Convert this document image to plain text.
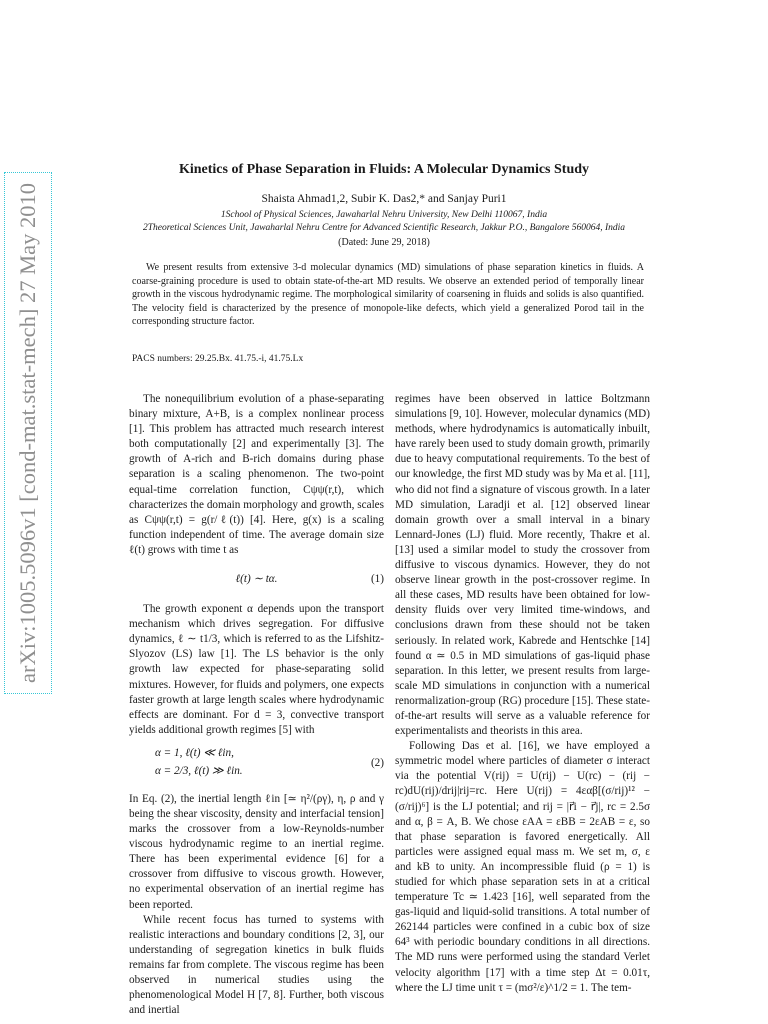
arXiv:1005.5096v1 [cond-mat.stat-mech] 27 May 2010
Kinetics of Phase Separation in Fluids: A Molecular Dynamics Study
Shaista Ahmad1,2, Subir K. Das2,* and Sanjay Puri1
1School of Physical Sciences, Jawaharlal Nehru University, New Delhi 110067, India
2Theoretical Sciences Unit, Jawaharlal Nehru Centre for Advanced Scientific Research, Jakkur P.O., Bangalore 560064, India
(Dated: June 29, 2018)

We present results from extensive 3-d molecular dynamics (MD) simulations of phase separation kinetics in fluids. A coarse-graining procedure is used to obtain state-of-the-art MD results. We observe an extended period of temporally linear growth in the viscous hydrodynamic regime. The morphological similarity of coarsening in fluids and solids is also quantified. The velocity field is characterized by the presence of monopole-like defects, which yield a generalized Porod tail in the corresponding structure factor.

PACS numbers: 29.25.Bx. 41.75.-i, 41.75.Lx

The nonequilibrium evolution of a phase-separating binary mixture, A+B, is a complex nonlinear process [1]. This problem has attracted much research interest both computationally [2] and experimentally [3]. The growth of A-rich and B-rich domains during phase separation is a scaling phenomenon. The two-point equal-time correlation function, Cψψ(r,t), which characterizes the domain morphology and growth, scales as Cψψ(r,t) = g(r/ℓ(t)) [4]. Here, g(x) is a scaling function independent of time. The average domain size ℓ(t) grows with time t as

ℓ(t) ∼ tα.	(1)

The growth exponent α depends upon the transport mechanism which drives segregation. For diffusive dynamics, ℓ ∼ t1/3, which is referred to as the Lifshitz-Slyozov (LS) law [1]. The LS behavior is the only growth law expected for phase-separating solid mixtures. However, for fluids and polymers, one expects faster growth at large length scales where hydrodynamic effects are dominant. For d = 3, convective transport yields additional growth regimes [5] with

α = 1, ℓ(t) ≪ ℓin,
α = 2/3, ℓ(t) ≫ ℓin.
(2)

In Eq. (2), the inertial length ℓin [≃ η²/(ργ), η, ρ and γ being the shear viscosity, density and interfacial tension] marks the crossover from a low-Reynolds-number viscous hydrodynamic regime to an inertial regime. There has been experimental evidence [6] for a crossover from diffusive to viscous growth. However, no experimental observation of an inertial regime has been reported.

While recent focus has turned to systems with realistic interactions and boundary conditions [2, 3], our understanding of segregation kinetics in bulk fluids remains far from complete. The viscous regime has been observed in numerical studies using the phenomenological Model H [7, 8]. Further, both viscous and inertial

regimes have been observed in lattice Boltzmann simulations [9, 10]. However, molecular dynamics (MD) methods, where hydrodynamics is automatically inbuilt, have rarely been used to study domain growth, primarily due to heavy computational requirements. To the best of our knowledge, the first MD study was by Ma et al. [11], who did not find a signature of viscous growth. In a later MD simulation, Laradji et al. [12] observed linear domain growth over a small interval in a binary Lennard-Jones (LJ) fluid. More recently, Thakre et al. [13] used a similar model to study the crossover from diffusive to viscous dynamics. However, they do not observe linear growth in the post-crossover regime. In all these cases, MD results have been obtained for low-density fluids over very limited time-windows, and conclusions drawn from these should not be taken seriously. In related work, Kabrede and Hentschke [14] found α ≃ 0.5 in MD simulations of gas-liquid phase separation. In this letter, we present results from large-scale MD simulations in conjunction with a numerical renormalization-group (RG) procedure [15]. These state-of-the-art results will serve as a valuable reference for experimentalists and theorists in this area.

Following Das et al. [16], we have employed a symmetric model where particles of diameter σ interact via the potential V(rij) = U(rij) − U(rc) − (rij − rc)dU(rij)/drij|rij=rc. Here U(rij) = 4εαβ[(σ/rij)¹² − (σ/rij)⁶] is the LJ potential; and rij = |r⃗i − r⃗j|, rc = 2.5σ and α, β = A, B. We chose εAA = εBB = 2εAB = ε, so that phase separation is favored energetically. All particles were assigned equal mass m. We set m, σ, ε and kB to unity. An incompressible fluid (ρ = 1) is studied for which phase separation sets in at a critical temperature Tc ≃ 1.423 [16], well separated from the gas-liquid and liquid-solid transitions. A total number of 262144 particles were confined in a cubic box of size 64³ with periodic boundary conditions in all directions. The MD runs were performed using the standard Verlet velocity algorithm [17] with a time step Δt = 0.01τ, where the LJ time unit τ = (mσ²/ε)^1/2 = 1. The tem-
